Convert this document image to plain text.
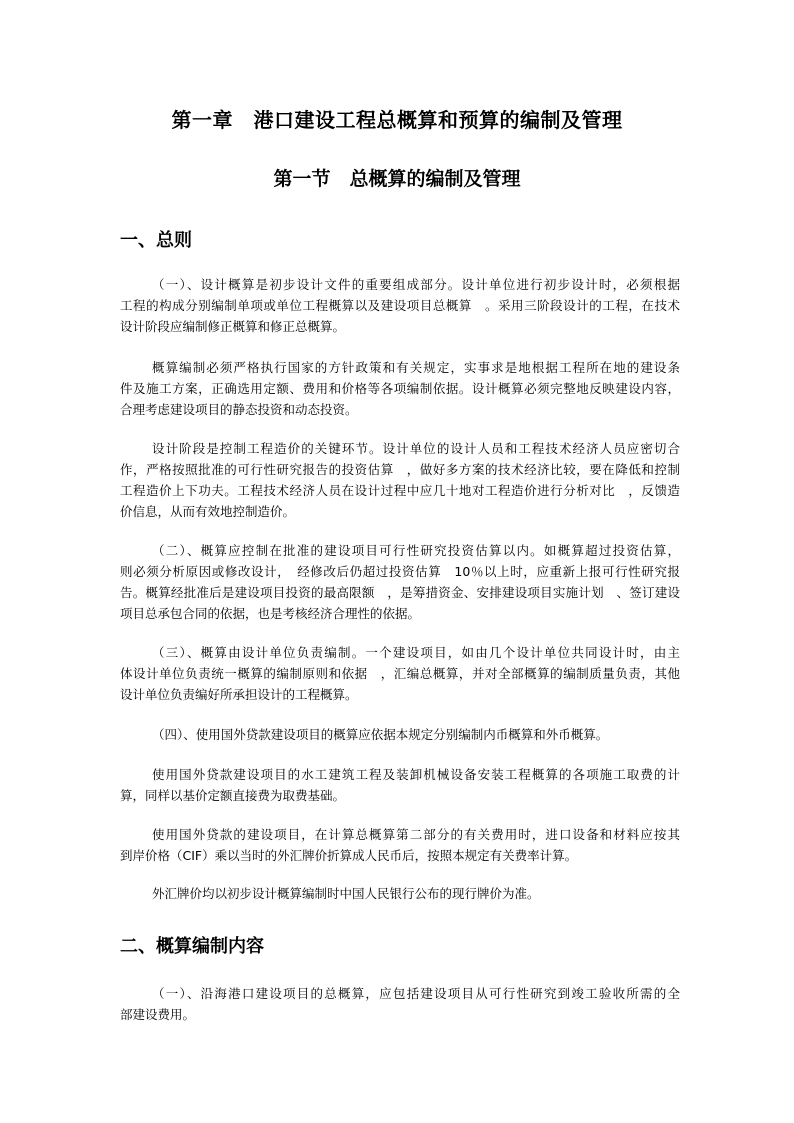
第一章　港口建设工程总概算和预算的编制及管理
第一节　总概算的编制及管理
一、总则
（一）、设计概算是初步设计文件的重要组成部分。设计单位进行初步设计时，必须根据
工程的构成分别编制单项或单位工程概算以及建设项目总概算　。采用三阶段设计的工程，在技术
设计阶段应编制修正概算和修正总概算。
概算编制必须严格执行国家的方针政策和有关规定，实事求是地根据工程所在地的建设条
件及施工方案，正确选用定额、费用和价格等各项编制依据。设计概算必须完整地反映建设内容，
合理考虑建设项目的静态投资和动态投资。
设计阶段是控制工程造价的关键环节。设计单位的设计人员和工程技术经济人员应密切合
作，严格按照批准的可行性研究报告的投资估算　，做好多方案的技术经济比较，要在降低和控制
工程造价上下功夫。工程技术经济人员在设计过程中应几十地对工程造价进行分析对比　，反馈造
价信息，从而有效地控制造价。
（二）、概算应控制在批准的建设项目可行性研究投资估算以内。如概算超过投资估算，
则必须分析原因或修改设计，　经修改后仍超过投资估算　10％以上时，应重新上报可行性研究报
告。概算经批准后是建设项目投资的最高限额　，是筹措资金、安排建设项目实施计划　、签订建设
项目总承包合同的依据，也是考核经济合理性的依据。
（三）、概算由设计单位负责编制。一个建设项目，如由几个设计单位共同设计时，由主
体设计单位负责统一概算的编制原则和依据　，汇编总概算，并对全部概算的编制质量负责，其他
设计单位负责编好所承担设计的工程概算。
（四）、使用国外贷款建设项目的概算应依据本规定分别编制内币概算和外币概算。
使用国外贷款建设项目的水工建筑工程及装卸机械设备安装工程概算的各项施工取费的计
算，同样以基价定额直接费为取费基础。
使用国外贷款的建设项目，在计算总概算第二部分的有关费用时，进口设备和材料应按其
到岸价格（CIF）乘以当时的外汇牌价折算成人民币后，按照本规定有关费率计算。
外汇牌价均以初步设计概算编制时中国人民银行公布的现行牌价为准。
二、概算编制内容
（一）、沿海港口建设项目的总概算，应包括建设项目从可行性研究到竣工验收所需的全
部建设费用。
